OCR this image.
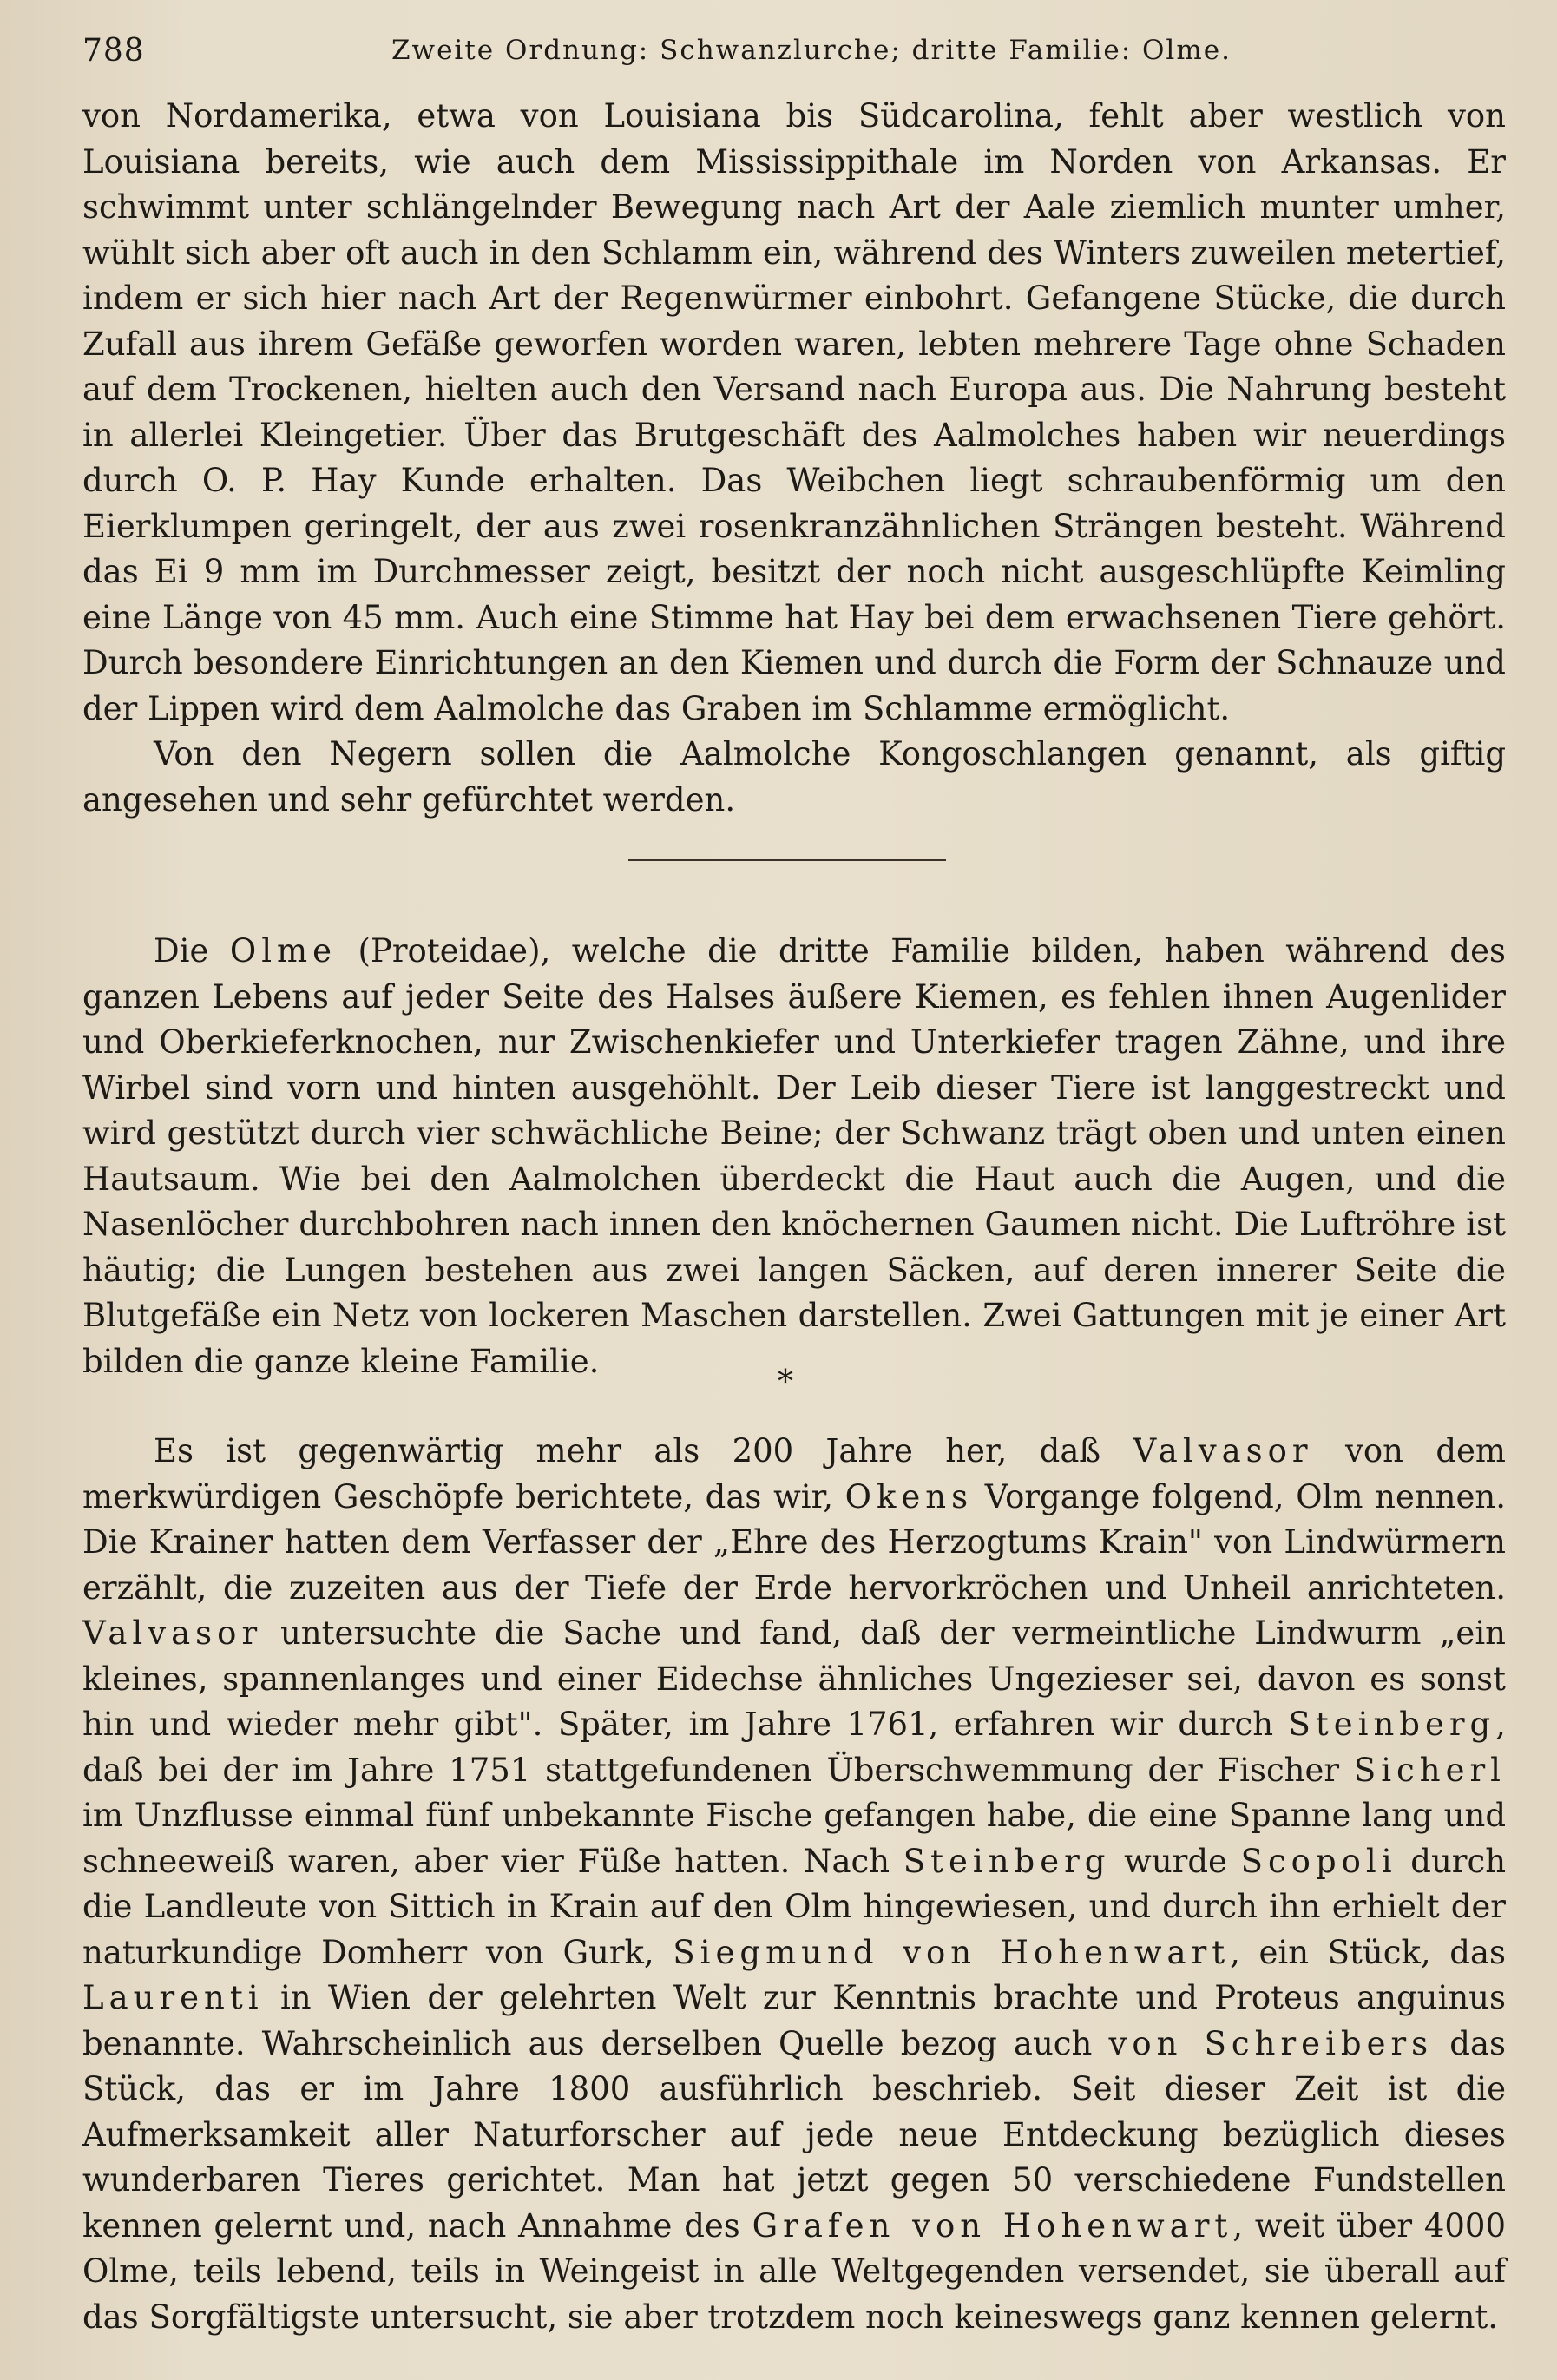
788	Zweite Ordnung: Schwanzlurche; dritte Familie: Olme.

von Nordamerika, etwa von Louisiana bis Südcarolina, fehlt aber westlich von Louisiana bereits, wie auch dem Mississippithale im Norden von Arkansas. Er schwimmt unter schlängelnder Bewegung nach Art der Aale ziemlich munter umher, wühlt sich aber oft auch in den Schlamm ein, während des Winters zuweilen metertief, indem er sich hier nach Art der Regenwürmer einbohrt. Gefangene Stücke, die durch Zufall aus ihrem Gefäße geworfen worden waren, lebten mehrere Tage ohne Schaden auf dem Trockenen, hielten auch den Versand nach Europa aus. Die Nahrung besteht in allerlei Kleingetier. Über das Brutgeschäft des Aalmolches haben wir neuerdings durch O. P. Hay Kunde erhalten. Das Weibchen liegt schraubenförmig um den Eierklumpen geringelt, der aus zwei rosenkranzähnlichen Strängen besteht. Während das Ei 9 mm im Durchmesser zeigt, besitzt der noch nicht ausgeschlüpfte Keimling eine Länge von 45 mm. Auch eine Stimme hat Hay bei dem erwachsenen Tiere gehört. Durch besondere Einrichtungen an den Kiemen und durch die Form der Schnauze und der Lippen wird dem Aalmolche das Graben im Schlamme ermöglicht.

Von den Negern sollen die Aalmolche Kongoschlangen genannt, als giftig angesehen und sehr gefürchtet werden.

Die Olme (Proteidae), welche die dritte Familie bilden, haben während des ganzen Lebens auf jeder Seite des Halses äußere Kiemen, es fehlen ihnen Augenlider und Oberkieferknochen, nur Zwischenkiefer und Unterkiefer tragen Zähne, und ihre Wirbel sind vorn und hinten ausgehöhlt. Der Leib dieser Tiere ist langgestreckt und wird gestützt durch vier schwächliche Beine; der Schwanz trägt oben und unten einen Hautsaum. Wie bei den Aalmolchen überdeckt die Haut auch die Augen, und die Nasenlöcher durchbohren nach innen den knöchernen Gaumen nicht. Die Luftröhre ist häutig; die Lungen bestehen aus zwei langen Säcken, auf deren innerer Seite die Blutgefäße ein Netz von lockeren Maschen darstellen. Zwei Gattungen mit je einer Art bilden die ganze kleine Familie.

*

Es ist gegenwärtig mehr als 200 Jahre her, daß Valvasor von dem merkwürdigen Geschöpfe berichtete, das wir, Okens Vorgange folgend, Olm nennen. Die Krainer hatten dem Verfasser der „Ehre des Herzogtums Krain" von Lindwürmern erzählt, die zuzeiten aus der Tiefe der Erde hervorkröchen und Unheil anrichteten. Valvasor untersuchte die Sache und fand, daß der vermeintliche Lindwurm „ein kleines, spannenlanges und einer Eidechse ähnliches Ungezieser sei, davon es sonst hin und wieder mehr gibt". Später, im Jahre 1761, erfahren wir durch Steinberg, daß bei der im Jahre 1751 stattgefundenen Überschwemmung der Fischer Sicherl im Unzflusse einmal fünf unbekannte Fische gefangen habe, die eine Spanne lang und schneeweiß waren, aber vier Füße hatten. Nach Steinberg wurde Scopoli durch die Landleute von Sittich in Krain auf den Olm hingewiesen, und durch ihn erhielt der naturkundige Domherr von Gurk, Siegmund von Hohenwart, ein Stück, das Laurenti in Wien der gelehrten Welt zur Kenntnis brachte und Proteus anguinus benannte. Wahrscheinlich aus derselben Quelle bezog auch von Schreibers das Stück, das er im Jahre 1800 ausführlich beschrieb. Seit dieser Zeit ist die Aufmerksamkeit aller Naturforscher auf jede neue Entdeckung bezüglich dieses wunderbaren Tieres gerichtet. Man hat jetzt gegen 50 verschiedene Fundstellen kennen gelernt und, nach Annahme des Grafen von Hohenwart, weit über 4000 Olme, teils lebend, teils in Weingeist in alle Weltgegenden versendet, sie überall auf das Sorgfältigste untersucht, sie aber trotzdem noch keineswegs ganz kennen gelernt.
